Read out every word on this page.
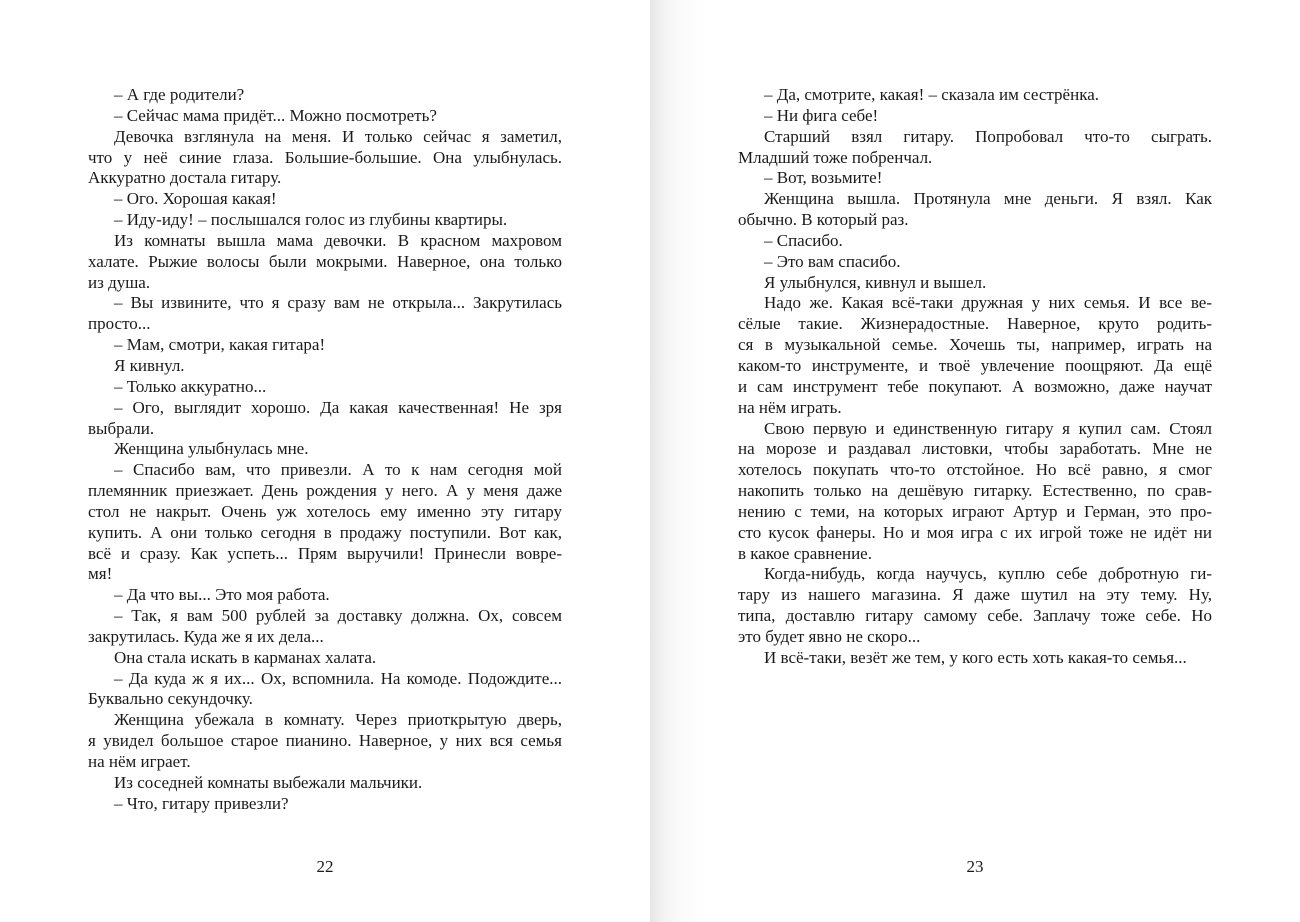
– А где родители?

– Сейчас мама придёт... Можно посмотреть?

Девочка взглянула на меня. И только сейчас я заметил,
что у неё синие глаза. Большие-большие. Она улыбнулась.
Аккуратно достала гитару.

– Ого. Хорошая какая!

– Иду-иду! – послышался голос из глубины квартиры.

Из комнаты вышла мама девочки. В красном махровом
халате. Рыжие волосы были мокрыми. Наверное, она только
из душа.

– Вы извините, что я сразу вам не открыла... Закрутилась
просто...

– Мам, смотри, какая гитара!

Я кивнул.

– Только аккуратно...

– Ого, выглядит хорошо. Да какая качественная! Не зря
выбрали.

Женщина улыбнулась мне.

– Спасибо вам, что привезли. А то к нам сегодня мой
племянник приезжает. День рождения у него. А у меня даже
стол не накрыт. Очень уж хотелось ему именно эту гитару
купить. А они только сегодня в продажу поступили. Вот как,
всё и сразу. Как успеть... Прям выручили! Принесли вовре-
мя!

– Да что вы... Это моя работа.

– Так, я вам 500 рублей за доставку должна. Ох, совсем
закрутилась. Куда же я их дела...

Она стала искать в карманах халата.

– Да куда ж я их... Ох, вспомнила. На комоде. Подождите...
Буквально секундочку.

Женщина убежала в комнату. Через приоткрытую дверь,
я увидел большое старое пианино. Наверное, у них вся семья
на нём играет.

Из соседней комнаты выбежали мальчики.

– Что, гитару привезли?

22

– Да, смотрите, какая! – сказала им сестрёнка.

– Ни фига себе!

Старший взял гитару. Попробовал что-то сыграть.
Младший тоже побренчал.

– Вот, возьмите!

Женщина вышла. Протянула мне деньги. Я взял. Как
обычно. В который раз.

– Спасибо.

– Это вам спасибо.

Я улыбнулся, кивнул и вышел.

Надо же. Какая всё-таки дружная у них семья. И все ве-
сёлые такие. Жизнерадостные. Наверное, круто родить-
ся в музыкальной семье. Хочешь ты, например, играть на
каком-то инструменте, и твоё увлечение поощряют. Да ещё
и сам инструмент тебе покупают. А возможно, даже научат
на нём играть.

Свою первую и единственную гитару я купил сам. Стоял
на морозе и раздавал листовки, чтобы заработать. Мне не
хотелось покупать что-то отстойное. Но всё равно, я смог
накопить только на дешёвую гитарку. Естественно, по срав-
нению с теми, на которых играют Артур и Герман, это про-
сто кусок фанеры. Но и моя игра с их игрой тоже не идёт ни
в какое сравнение.

Когда-нибудь, когда научусь, куплю себе добротную ги-
тару из нашего магазина. Я даже шутил на эту тему. Ну,
типа, доставлю гитару самому себе. Заплачу тоже себе. Но
это будет явно не скоро...

И всё-таки, везёт же тем, у кого есть хоть какая-то семья...

23
